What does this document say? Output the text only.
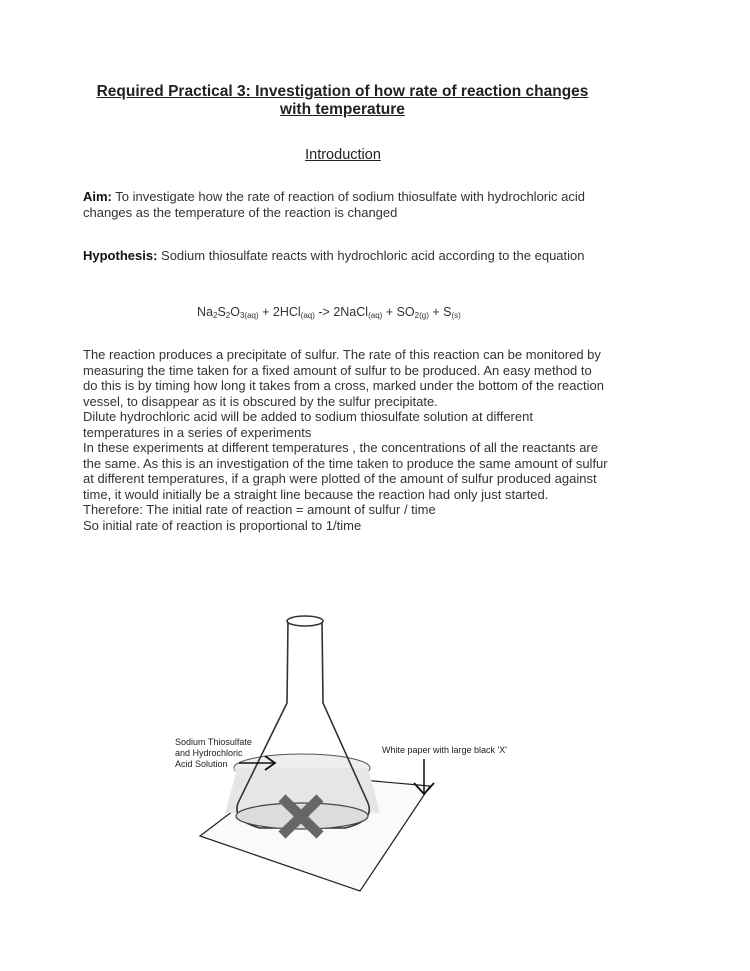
Required Practical 3: Investigation of how rate of reaction changes with temperature
Introduction
Aim: To investigate how the rate of reaction of sodium thiosulfate with hydrochloric acid changes as the temperature of the reaction is changed
Hypothesis: Sodium thiosulfate reacts with hydrochloric acid according to the equation
$Na_2S_2O_{3(aq)} + 2HCl_{(aq)}$ -> 2NaCl$_{(aq)}$ + $SO_{2(g)} + S_{(s)}$

The reaction produces a precipitate of sulfur. The rate of this reaction can be monitored by measuring the time taken for a fixed amount of sulfur to be produced. An easy method to do this is by timing how long it takes from a cross, marked under the bottom of the reaction vessel, to disappear as it is obscured by the sulfur precipitate.

Dilute hydrochloric acid will be added to sodium thiosulfate solution at different temperatures in a series of experiments

In these experiments at different temperatures , the concentrations of all the reactants are the same. As this is an investigation of the time taken to produce the same amount of sulfur at different temperatures, if a graph were plotted of the amount of sulfur produced against time, it would initially be a straight line because the reaction had only just started.

Therefore: The initial rate of reaction = amount of sulfur / time

So initial rate of reaction is proportional to 1/time

Sodium Thiosulfate
and Hydrochloric
Acid Solution
White paper with large black 'X'
